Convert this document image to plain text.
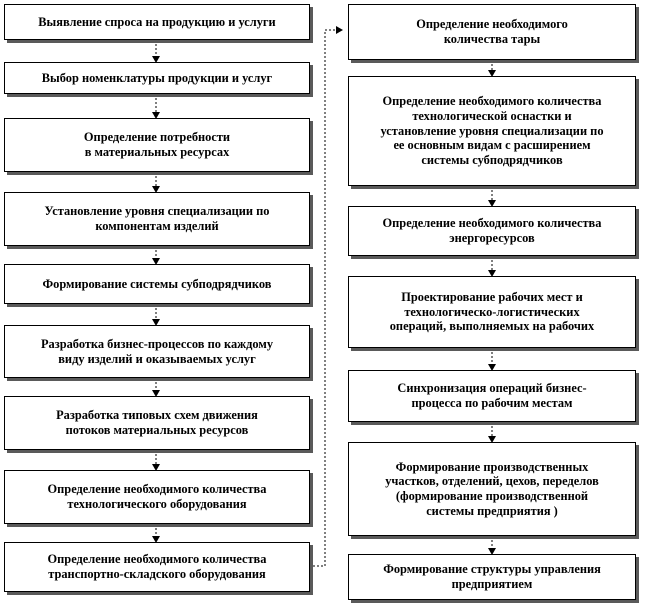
Выявление спроса на продукцию и услуги
Выбор номенклатуры продукции и услуг
Определение потребности
в материальных ресурсах
Установление уровня специализации по
компонентам изделий
Формирование системы субподрядчиков
Разработка бизнес-процессов по каждому
виду изделий и оказываемых услуг
Разработка типовых схем движения
потоков материальных ресурсов
Определение необходимого количества
технологического оборудования
Определение необходимого количества
транспортно-складского оборудования
Определение необходимого
количества тары
Определение необходимого количества
технологической оснастки и
установление уровня специализации по
ее основным видам с расширением
системы субподрядчиков
Определение необходимого количества
энергоресурсов
Проектирование рабочих мест и
технологическо-логистических
операций, выполняемых на рабочих
Синхронизация операций бизнес-
процесса по рабочим местам
Формирование производственных
участков, отделений, цехов, переделов
(формирование производственной
системы предприятия )
Формирование структуры управления
предприятием
